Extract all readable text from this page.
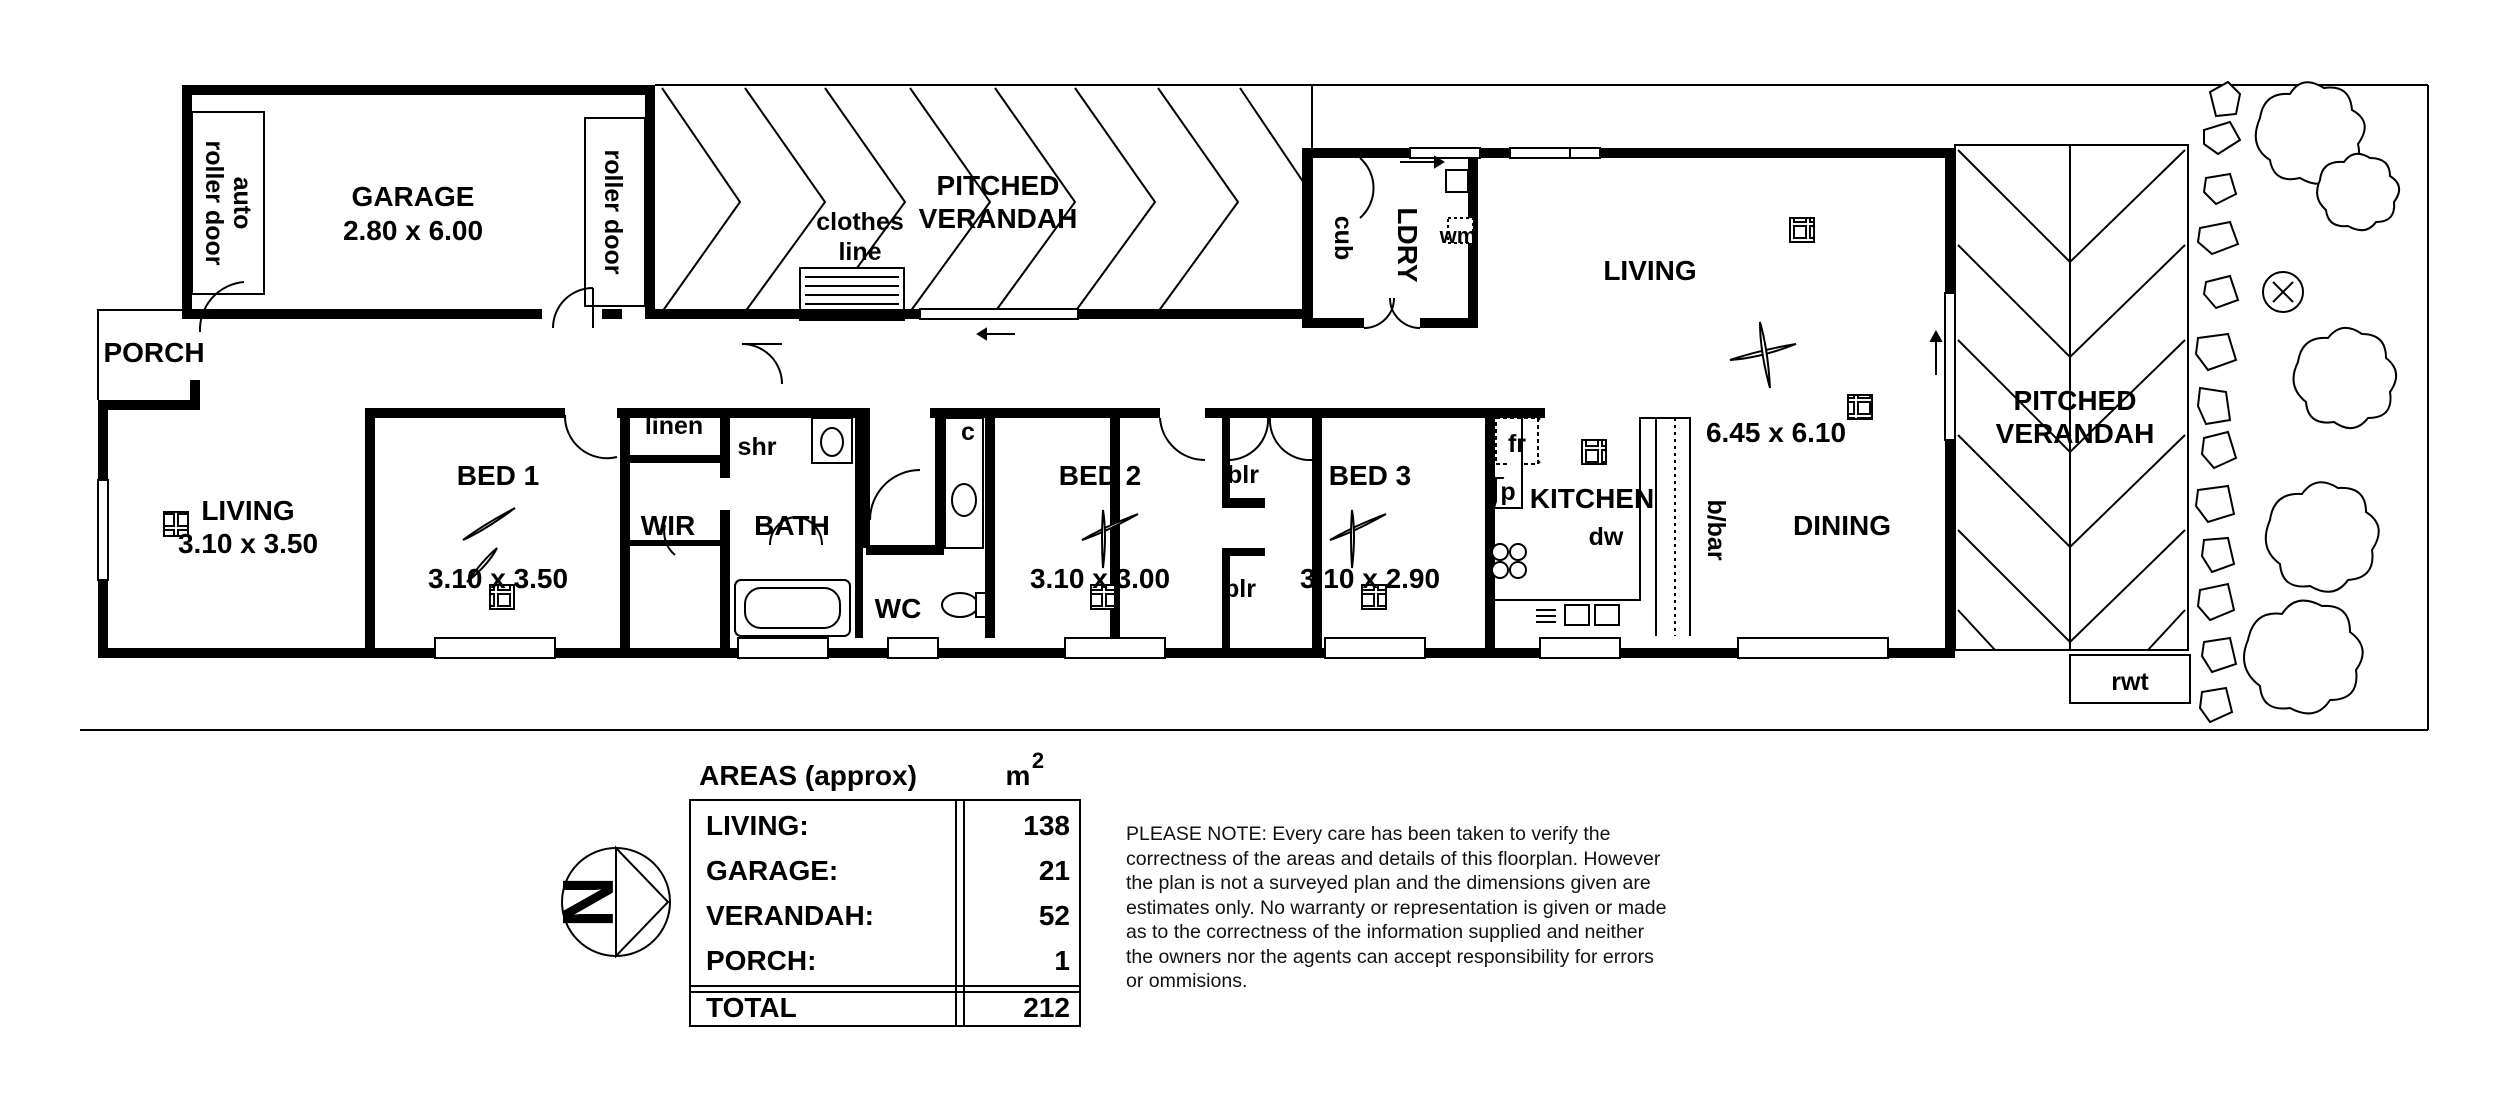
GARAGE
2.80 x 6.00
auto
roller door	roller door	PITCHED
VERANDAH
clothes
line
PORCH
LIVING
3.10 x 3.50
BED 1
3.10 x 3.50
linen
WIR
shr
BATH
c
WC
BED 2
3.10 x 3.00
blr
blr
BED 3
3.10 x 2.90
cub LDRY wm
LIVING
6.45 x 6.10
fr
p KITCHEN
dw	b/bar DINING
PITCHED
VERANDAH
rwt
AREAS (approx)	m 2
LIVING:	138
GARAGE:	21
VERANDAH:	52
PORCH:	1
TOTAL	212
N
PLEASE NOTE: Every care has been taken to verify the
correctness of the areas and details of this floorplan. However
the plan is not a surveyed plan and the dimensions given are
estimates only. No warranty or representation is given or made
as to the correctness of the information supplied and neither
the owners nor the agents can accept responsibility for errors
or ommisions.
